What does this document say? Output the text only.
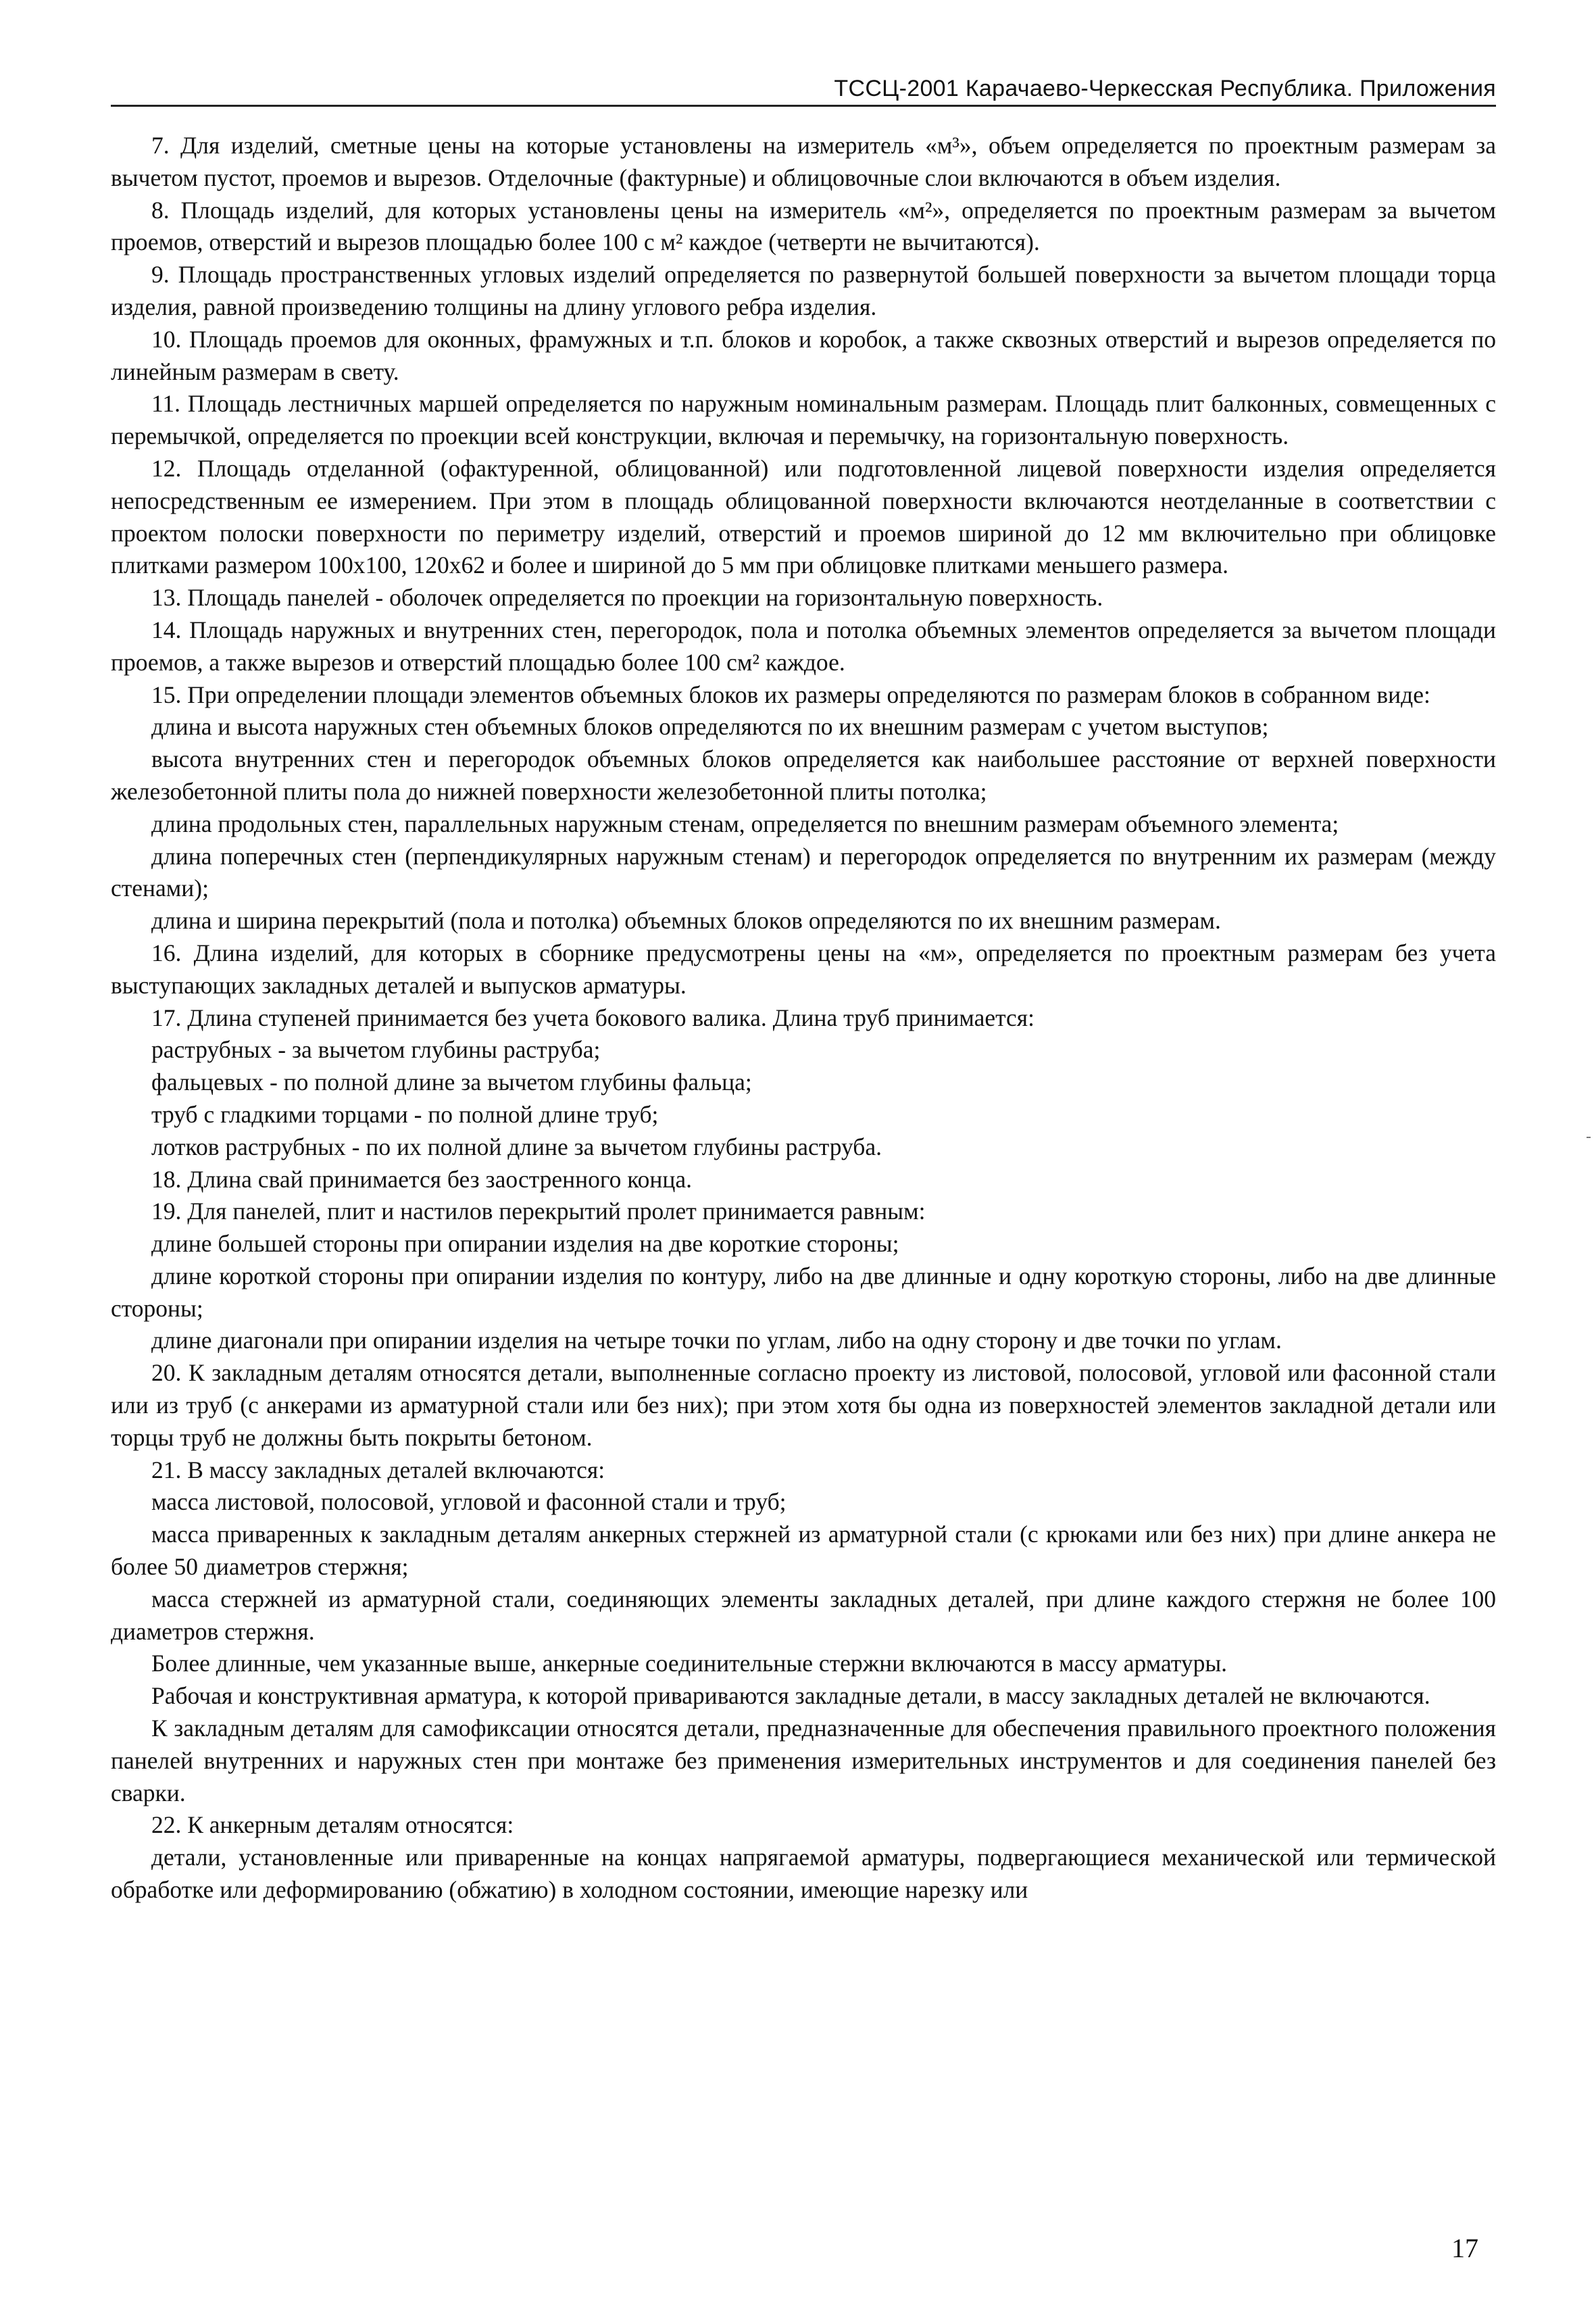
ТССЦ-2001 Карачаево-Черкесская Республика. Приложения

7. Для изделий, сметные цены на которые установлены на измеритель «м³», объем определяется по проектным размерам за вычетом пустот, проемов и вырезов. Отделочные (фактурные) и облицовочные слои включаются в объем изделия.

8. Площадь изделий, для которых установлены цены на измеритель «м²», определяется по проектным размерам за вычетом проемов, отверстий и вырезов площадью более 100 с м² каждое (четверти не вычитаются).

9. Площадь пространственных угловых изделий определяется по развернутой большей поверхности за вычетом площади торца изделия, равной произведению толщины на длину углового ребра изделия.

10. Площадь проемов для оконных, фрамужных и т.п. блоков и коробок, а также сквозных отверстий и вырезов определяется по линейным размерам в свету.

11. Площадь лестничных маршей определяется по наружным номинальным размерам. Площадь плит балконных, совмещенных с перемычкой, определяется по проекции всей конструкции, включая и перемычку, на горизонтальную поверхность.

12. Площадь отделанной (офактуренной, облицованной) или подготовленной лицевой поверхности изделия определяется непосредственным ее измерением. При этом в площадь облицованной поверхности включаются неотделанные в соответствии с проектом полоски поверхности по периметру изделий, отверстий и проемов шириной до 12 мм включительно при облицовке плитками размером 100х100, 120х62 и более и шириной до 5 мм при облицовке плитками меньшего размера.

13. Площадь панелей - оболочек определяется по проекции на горизонтальную поверхность.

14. Площадь наружных и внутренних стен, перегородок, пола и потолка объемных элементов определяется за вычетом площади проемов, а также вырезов и отверстий площадью более 100 см² каждое.

15. При определении площади элементов объемных блоков их размеры определяются по размерам блоков в собранном виде:

длина и высота наружных стен объемных блоков определяются по их внешним размерам с учетом выступов;

высота внутренних стен и перегородок объемных блоков определяется как наибольшее расстояние от верхней поверхности железобетонной плиты пола до нижней поверхности железобетонной плиты потолка;

длина продольных стен, параллельных наружным стенам, определяется по внешним размерам объемного элемента;

длина поперечных стен (перпендикулярных наружным стенам) и перегородок определяется по внутренним их размерам (между стенами);

длина и ширина перекрытий (пола и потолка) объемных блоков определяются по их внешним размерам.

16. Длина изделий, для которых в сборнике предусмотрены цены на «м», определяется по проектным размерам без учета выступающих закладных деталей и выпусков арматуры.

17. Длина ступеней принимается без учета бокового валика. Длина труб принимается:

раструбных - за вычетом глубины раструба;

фальцевых - по полной длине за вычетом глубины фальца;

труб с гладкими торцами - по полной длине труб;

лотков раструбных - по их полной длине за вычетом глубины раструба.

18. Длина свай принимается без заостренного конца.

19. Для панелей, плит и настилов перекрытий пролет принимается равным:

длине большей стороны при опирании изделия на две короткие стороны;

длине короткой стороны при опирании изделия по контуру, либо на две длинные и одну короткую стороны, либо на две длинные стороны;

длине диагонали при опирании изделия на четыре точки по углам, либо на одну сторону и две точки по углам.

20. К закладным деталям относятся детали, выполненные согласно проекту из листовой, полосовой, угловой или фасонной стали или из труб (с анкерами из арматурной стали или без них); при этом хотя бы одна из поверхностей элементов закладной детали или торцы труб не должны быть покрыты бетоном.

21. В массу закладных деталей включаются:

масса листовой, полосовой, угловой и фасонной стали и труб;

масса приваренных к закладным деталям анкерных стержней из арматурной стали (с крюками или без них) при длине анкера не более 50 диаметров стержня;

масса стержней из арматурной стали, соединяющих элементы закладных деталей, при длине каждого стержня не более 100 диаметров стержня.

Более длинные, чем указанные выше, анкерные соединительные стержни включаются в массу арматуры.

Рабочая и конструктивная арматура, к которой привариваются закладные детали, в массу закладных деталей не включаются.

К закладным деталям для самофиксации относятся детали, предназначенные для обеспечения правильного проектного положения панелей внутренних и наружных стен при монтаже без применения измерительных инструментов и для соединения панелей без сварки.

22. К анкерным деталям относятся:

детали, установленные или приваренные на концах напрягаемой арматуры, подвергающиеся механической или термической обработке или деформированию (обжатию) в холодном состоянии, имеющие нарезку или

17
